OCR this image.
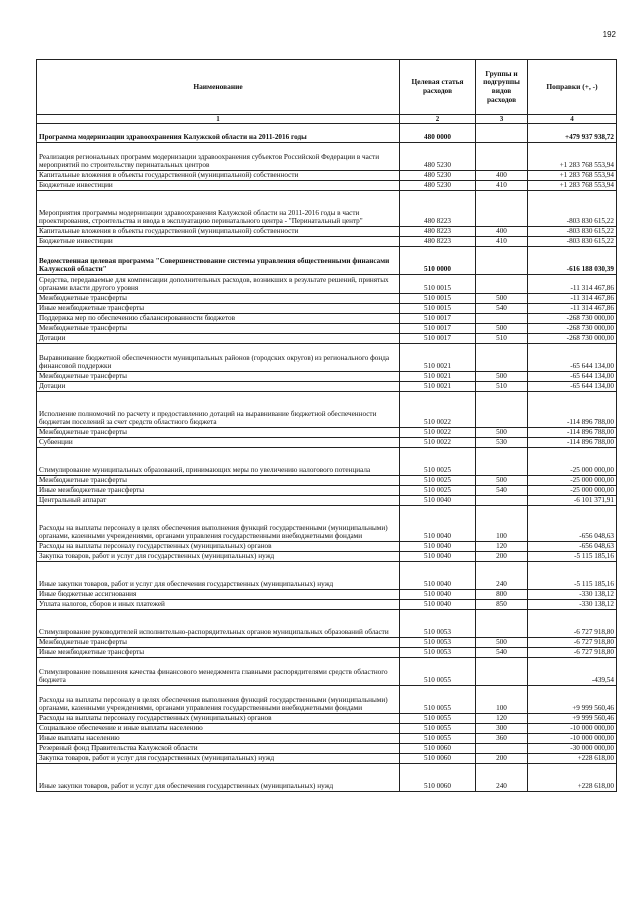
192
Наименование	Целевая статья расходов	Группы и подгруппы видов расходов	Поправки (+, -)
1	2	3	4
Программа модернизации здравоохранения Калужской области на 2011-2016 годы	480 0000		+479 937 938,72
Реализация региональных программ модернизации здравоохранения субъектов Российской Федерации в части мероприятий по строительству перинатальных центров	480 5230		+1 283 768 553,94
Капитальные вложения в объекты государственной (муниципальной) собственности	480 5230	400	+1 283 768 553,94
Бюджетные инвестиции	480 5230	410	+1 283 768 553,94
Мероприятия программы модернизации здравоохранения Калужской области на 2011-2016 годы в части проектирования, строительства и ввода в эксплуатацию перинатального центра - "Перинатальный центр"	480 8223		-803 830 615,22
Капитальные вложения в объекты государственной (муниципальной) собственности	480 8223	400	-803 830 615,22
Бюджетные инвестиции	480 8223	410	-803 830 615,22
Ведомственная целевая программа "Совершенствование системы управления общественными финансами Калужской области"	510 0000		-616 188 030,39
Средства, передаваемые для компенсации дополнительных расходов, возникших в результате решений, принятых органами власти другого уровня	510 0015		-11 314 467,86
Межбюджетные трансферты	510 0015	500	-11 314 467,86
Иные межбюджетные трансферты	510 0015	540	-11 314 467,86
Поддержка мер по обеспечению сбалансированности бюджетов	510 0017		-268 730 000,00
Межбюджетные трансферты	510 0017	500	-268 730 000,00
Дотации	510 0017	510	-268 730 000,00
Выравнивание бюджетной обеспеченности муниципальных районов (городских округов) из регионального фонда финансовой поддержки	510 0021		-65 644 134,00
Межбюджетные трансферты	510 0021	500	-65 644 134,00
Дотации	510 0021	510	-65 644 134,00
Исполнение полномочий по расчету и предоставлению дотаций на выравнивание бюджетной обеспеченности бюджетам поселений за счет средств областного бюджета	510 0022		-114 896 788,00
Межбюджетные трансферты	510 0022	500	-114 896 788,00
Субвенции	510 0022	530	-114 896 788,00
Стимулирование муниципальных образований, принимающих меры по увеличению налогового потенциала	510 0025		-25 000 000,00
Межбюджетные трансферты	510 0025	500	-25 000 000,00
Иные межбюджетные трансферты	510 0025	540	-25 000 000,00
Центральный аппарат	510 0040		-6 101 371,91
Расходы на выплаты персоналу в целях обеспечения выполнения функций государственными (муниципальными) органами, казенными учреждениями, органами управления государственными внебюджетными фондами	510 0040	100	-656 048,63
Расходы на выплаты персоналу государственных (муниципальных) органов	510 0040	120	-656 048,63
Закупка товаров, работ и услуг для государственных (муниципальных) нужд	510 0040	200	-5 115 185,16
Иные закупки товаров, работ и услуг для обеспечения государственных (муниципальных) нужд	510 0040	240	-5 115 185,16
Иные бюджетные ассигнования	510 0040	800	-330 138,12
Уплата налогов, сборов и иных платежей	510 0040	850	-330 138,12
Стимулирование руководителей исполнительно-распорядительных органов муниципальных образований области	510 0053		-6 727 918,80
Межбюджетные трансферты	510 0053	500	-6 727 918,80
Иные межбюджетные трансферты	510 0053	540	-6 727 918,80
Стимулирование повышения качества финансового менеджмента главными распорядителями средств областного бюджета	510 0055		-439,54
Расходы на выплаты персоналу в целях обеспечения выполнения функций государственными (муниципальными) органами, казенными учреждениями, органами управления государственными внебюджетными фондами	510 0055	100	+9 999 560,46
Расходы на выплаты персоналу государственных (муниципальных) органов	510 0055	120	+9 999 560,46
Социальное обеспечение и иные выплаты населению	510 0055	300	-10 000 000,00
Иные выплаты населению	510 0055	360	-10 000 000,00
Резервный фонд Правительства Калужской области	510 0060		-30 000 000,00
Закупка товаров, работ и услуг для государственных (муниципальных) нужд	510 0060	200	+228 618,00
Иные закупки товаров, работ и услуг для обеспечения государственных (муниципальных) нужд	510 0060	240	+228 618,00
